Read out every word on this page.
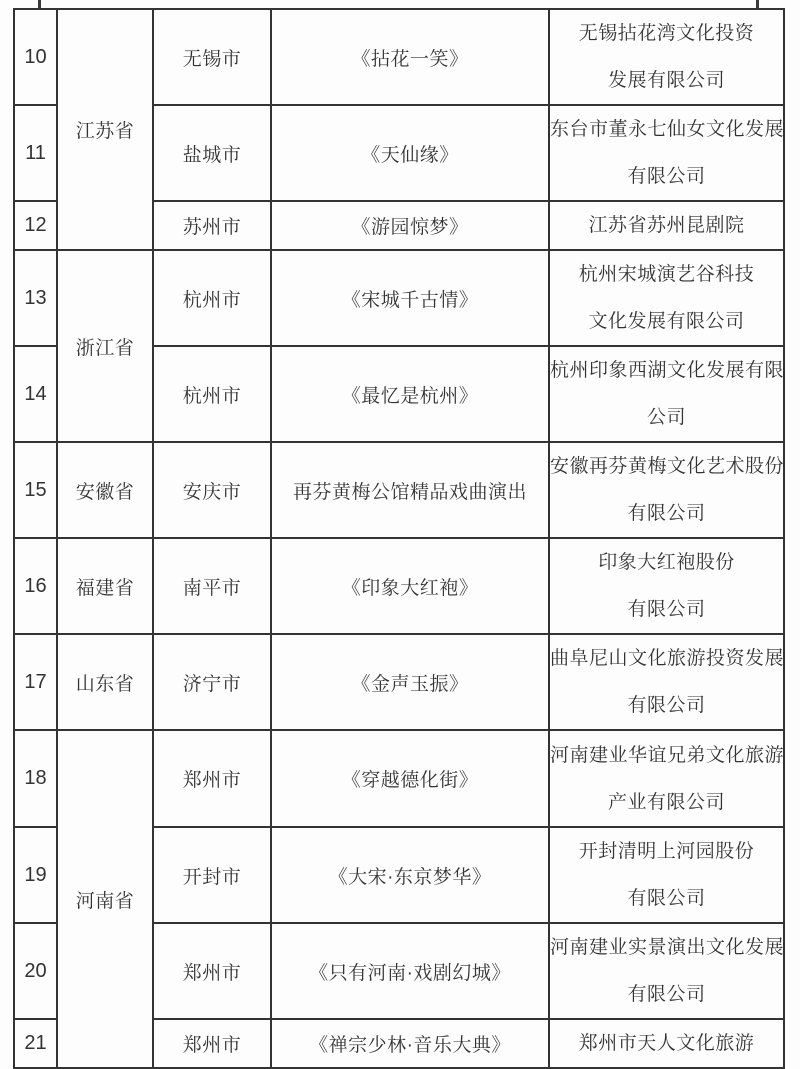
10	江苏省	无锡市	《拈花一笑》	无锡拈花湾文化投资
发展有限公司

11		盐城市	《天仙缘》	东台市董永七仙女文化发展
有限公司

12		苏州市	《游园惊梦》	江苏省苏州昆剧院

13	浙江省	杭州市	《宋城千古情》	杭州宋城演艺谷科技
文化发展有限公司

14		杭州市	《最忆是杭州》	杭州印象西湖文化发展有限
公司

15	安徽省	安庆市	再芬黄梅公馆精品戏曲演出	安徽再芬黄梅文化艺术股份
有限公司

16	福建省	南平市	《印象大红袍》	印象大红袍股份
有限公司

17	山东省	济宁市	《金声玉振》	曲阜尼山文化旅游投资发展
有限公司

18	河南省	郑州市	《穿越德化街》	河南建业华谊兄弟文化旅游
产业有限公司

19		开封市	《大宋·东京梦华》	开封清明上河园股份
有限公司

20		郑州市	《只有河南·戏剧幻城》	河南建业实景演出文化发展
有限公司

21		郑州市	《禅宗少林·音乐大典》	郑州市天人文化旅游
